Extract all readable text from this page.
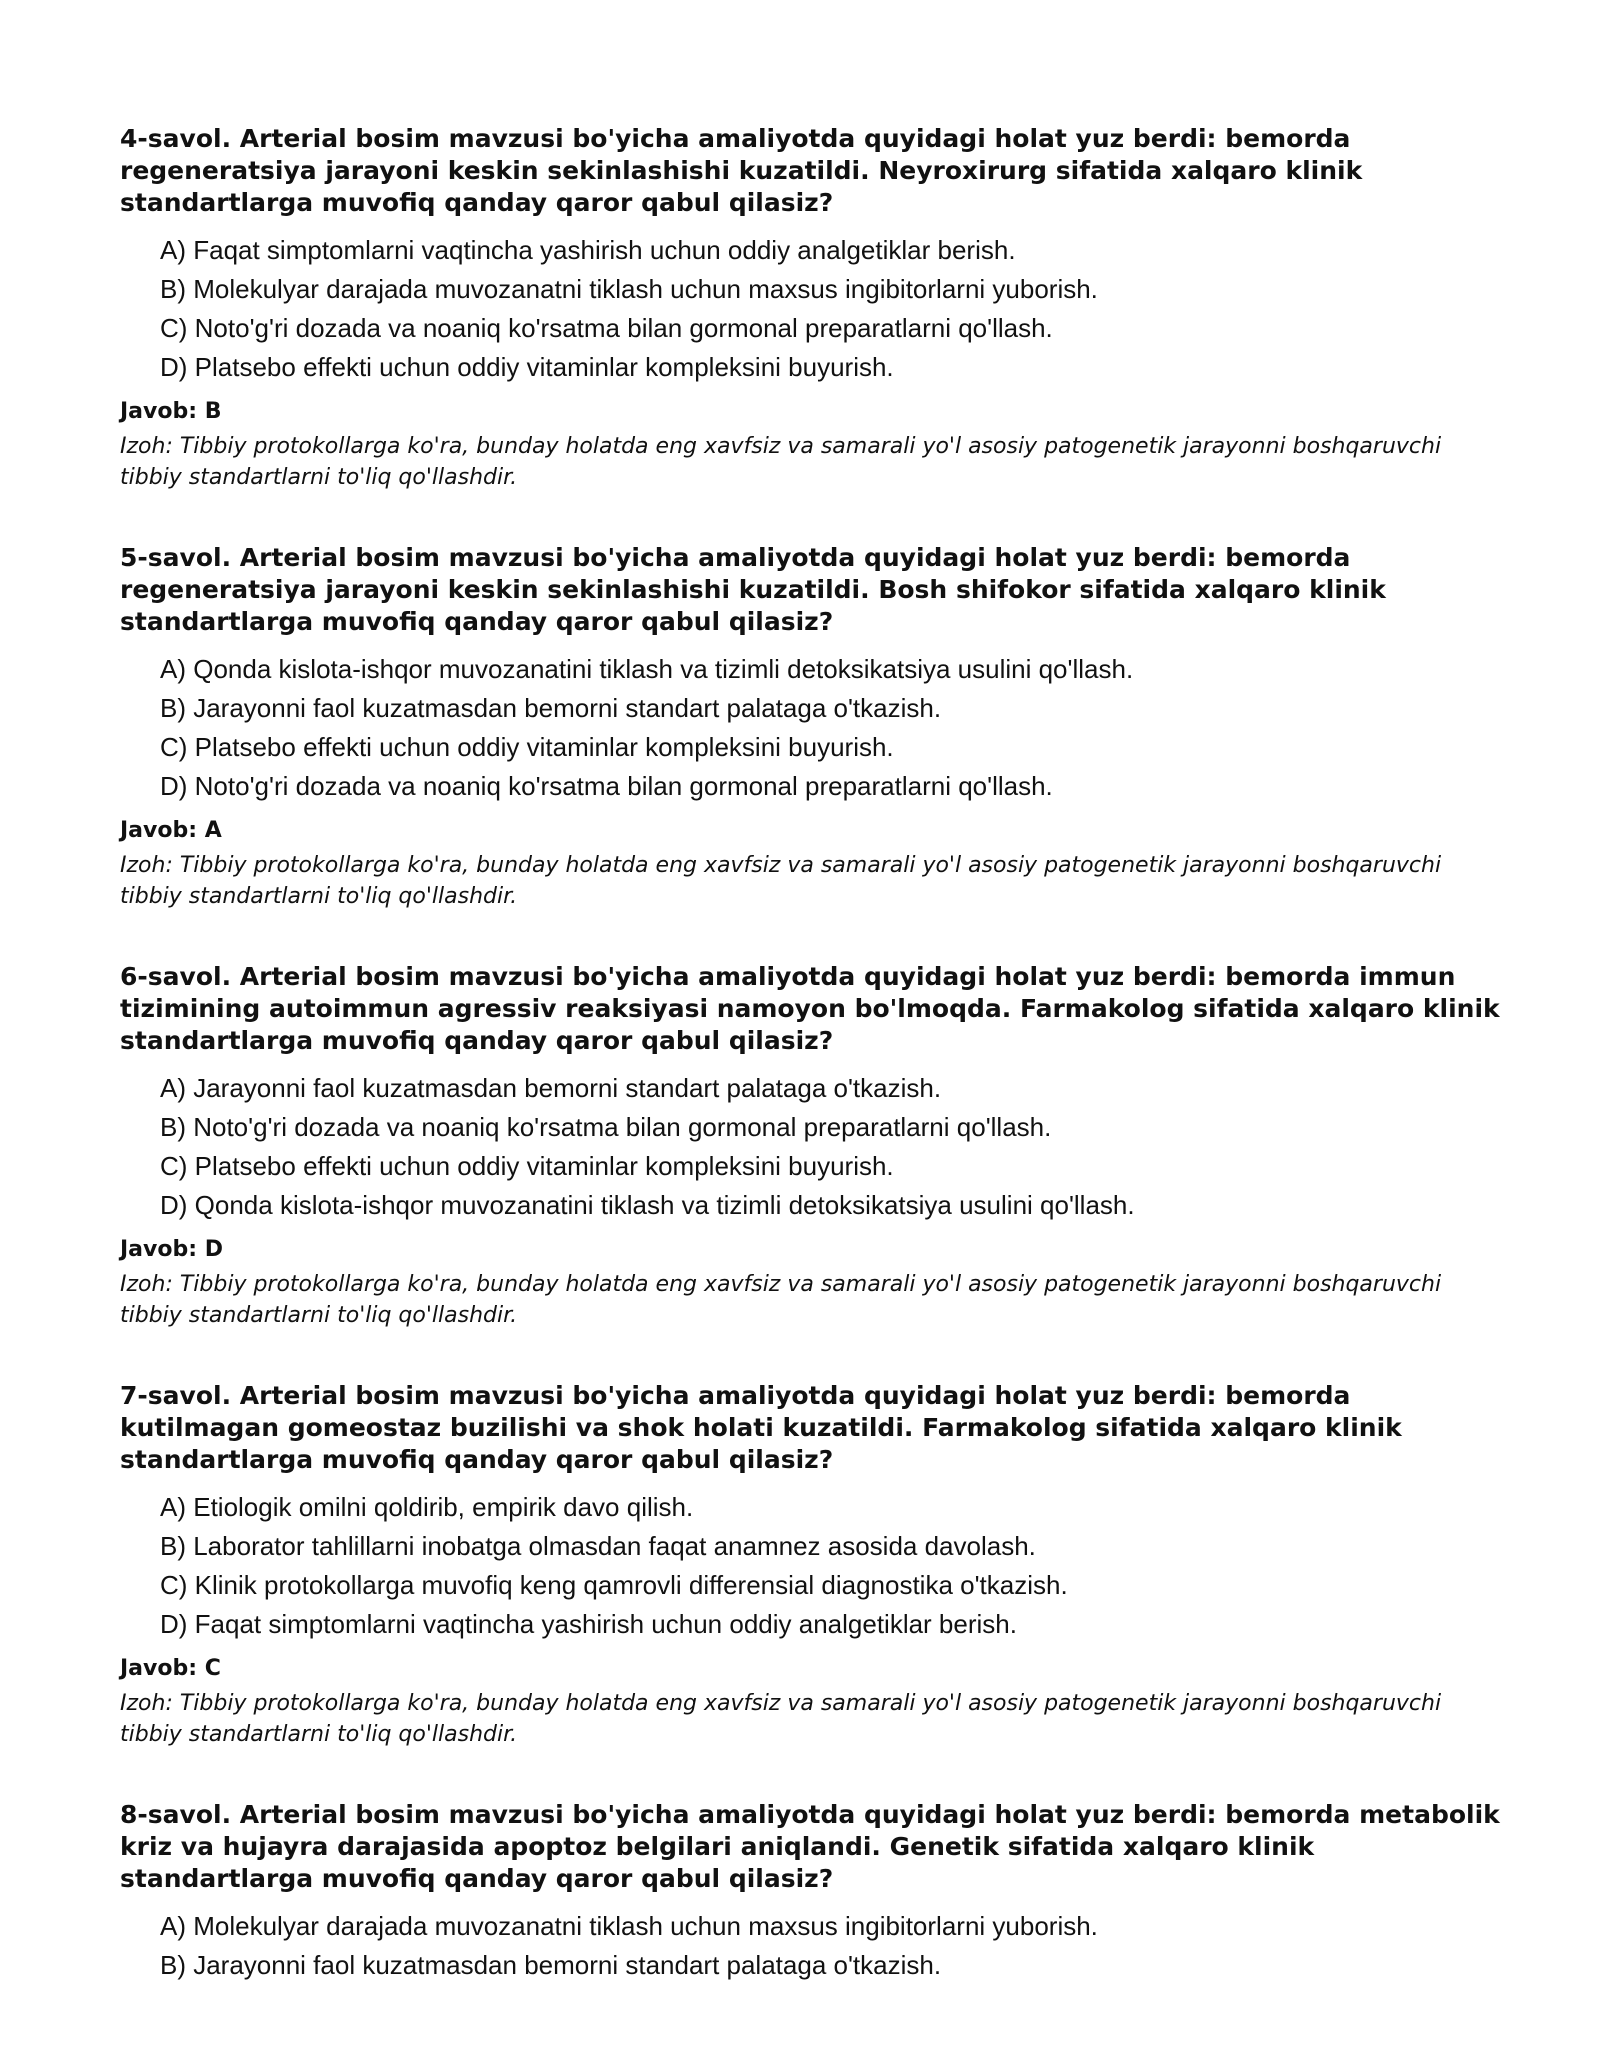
4-savol. Arterial bosim mavzusi bo'yicha amaliyotda quyidagi holat yuz berdi: bemorda regeneratsiya jarayoni keskin sekinlashishi kuzatildi. Neyroxirurg sifatida xalqaro klinik standartlarga muvofiq qanday qaror qabul qilasiz?

A) Faqat simptomlarni vaqtincha yashirish uchun oddiy analgetiklar berish.
B) Molekulyar darajada muvozanatni tiklash uchun maxsus ingibitorlarni yuborish.
C) Noto'g'ri dozada va noaniq ko'rsatma bilan gormonal preparatlarni qo'llash.
D) Platsebo effekti uchun oddiy vitaminlar kompleksini buyurish.

Javob: B

Izoh: Tibbiy protokollarga ko'ra, bunday holatda eng xavfsiz va samarali yo'l asosiy patogenetik jarayonni boshqaruvchi tibbiy standartlarni to'liq qo'llashdir.

5-savol. Arterial bosim mavzusi bo'yicha amaliyotda quyidagi holat yuz berdi: bemorda regeneratsiya jarayoni keskin sekinlashishi kuzatildi. Bosh shifokor sifatida xalqaro klinik standartlarga muvofiq qanday qaror qabul qilasiz?

A) Qonda kislota-ishqor muvozanatini tiklash va tizimli detoksikatsiya usulini qo'llash.
B) Jarayonni faol kuzatmasdan bemorni standart palataga o'tkazish.
C) Platsebo effekti uchun oddiy vitaminlar kompleksini buyurish.
D) Noto'g'ri dozada va noaniq ko'rsatma bilan gormonal preparatlarni qo'llash.

Javob: A

Izoh: Tibbiy protokollarga ko'ra, bunday holatda eng xavfsiz va samarali yo'l asosiy patogenetik jarayonni boshqaruvchi tibbiy standartlarni to'liq qo'llashdir.

6-savol. Arterial bosim mavzusi bo'yicha amaliyotda quyidagi holat yuz berdi: bemorda immun tizimining autoimmun agressiv reaksiyasi namoyon bo'lmoqda. Farmakolog sifatida xalqaro klinik standartlarga muvofiq qanday qaror qabul qilasiz?

A) Jarayonni faol kuzatmasdan bemorni standart palataga o'tkazish.
B) Noto'g'ri dozada va noaniq ko'rsatma bilan gormonal preparatlarni qo'llash.
C) Platsebo effekti uchun oddiy vitaminlar kompleksini buyurish.
D) Qonda kislota-ishqor muvozanatini tiklash va tizimli detoksikatsiya usulini qo'llash.

Javob: D

Izoh: Tibbiy protokollarga ko'ra, bunday holatda eng xavfsiz va samarali yo'l asosiy patogenetik jarayonni boshqaruvchi tibbiy standartlarni to'liq qo'llashdir.

7-savol. Arterial bosim mavzusi bo'yicha amaliyotda quyidagi holat yuz berdi: bemorda kutilmagan gomeostaz buzilishi va shok holati kuzatildi. Farmakolog sifatida xalqaro klinik standartlarga muvofiq qanday qaror qabul qilasiz?

A) Etiologik omilni qoldirib, empirik davo qilish.
B) Laborator tahlillarni inobatga olmasdan faqat anamnez asosida davolash.
C) Klinik protokollarga muvofiq keng qamrovli differensial diagnostika o'tkazish.
D) Faqat simptomlarni vaqtincha yashirish uchun oddiy analgetiklar berish.

Javob: C

Izoh: Tibbiy protokollarga ko'ra, bunday holatda eng xavfsiz va samarali yo'l asosiy patogenetik jarayonni boshqaruvchi tibbiy standartlarni to'liq qo'llashdir.

8-savol. Arterial bosim mavzusi bo'yicha amaliyotda quyidagi holat yuz berdi: bemorda metabolik kriz va hujayra darajasida apoptoz belgilari aniqlandi. Genetik sifatida xalqaro klinik standartlarga muvofiq qanday qaror qabul qilasiz?

A) Molekulyar darajada muvozanatni tiklash uchun maxsus ingibitorlarni yuborish.
B) Jarayonni faol kuzatmasdan bemorni standart palataga o'tkazish.
